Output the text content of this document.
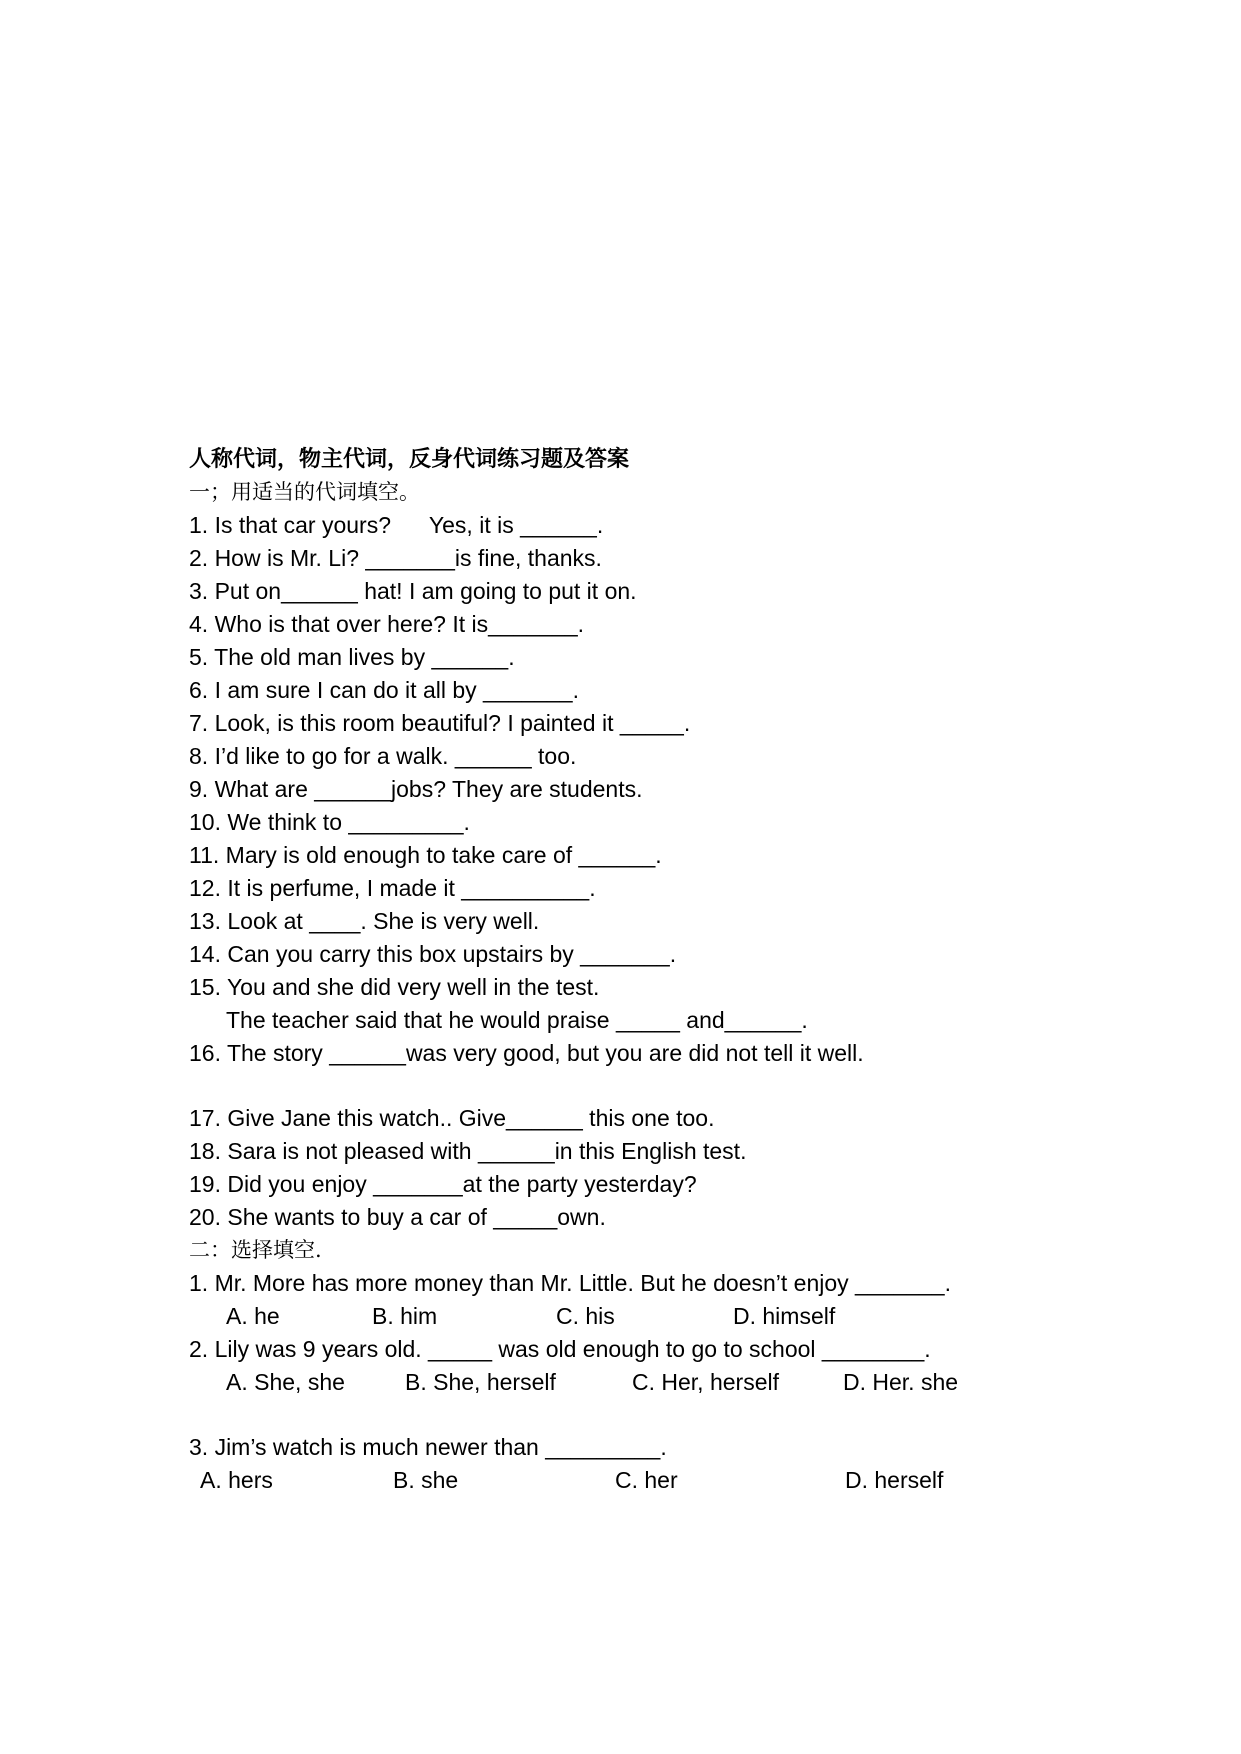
人称代词，物主代词，反身代词练习题及答案
一；用适当的代词填空。
1. Is that car yours?      Yes, it is ______.
2. How is Mr. Li? _______is fine, thanks.
3. Put on______ hat! I am going to put it on.
4. Who is that over here? It is_______.
5. The old man lives by ______.
6. I am sure I can do it all by _______.
7. Look, is this room beautiful? I painted it _____.
8. I’d like to go for a walk. ______ too.
9. What are ______jobs? They are students.
10. We think to _________.
11. Mary is old enough to take care of ______.
12. It is perfume, I made it __________.
13. Look at ____. She is very well.
14. Can you carry this box upstairs by _______.
15. You and she did very well in the test.
The teacher said that he would praise _____ and______.
16. The story ______was very good, but you are did not tell it well.
17. Give Jane this watch.. Give______ this one too.
18. Sara is not pleased with ______in this English test.
19. Did you enjoy _______at the party yesterday?
20. She wants to buy a car of _____own.
二：选择填空.
1. Mr. More has more money than Mr. Little. But he doesn’t enjoy _______.
A. he	B. him	C. his	D. himself
2. Lily was 9 years old. _____ was old enough to go to school ________.
A. She, she	B. She, herself	C. Her, herself	D. Her. she
3. Jim’s watch is much newer than _________.
A. hers	B. she	C. her	D. herself
